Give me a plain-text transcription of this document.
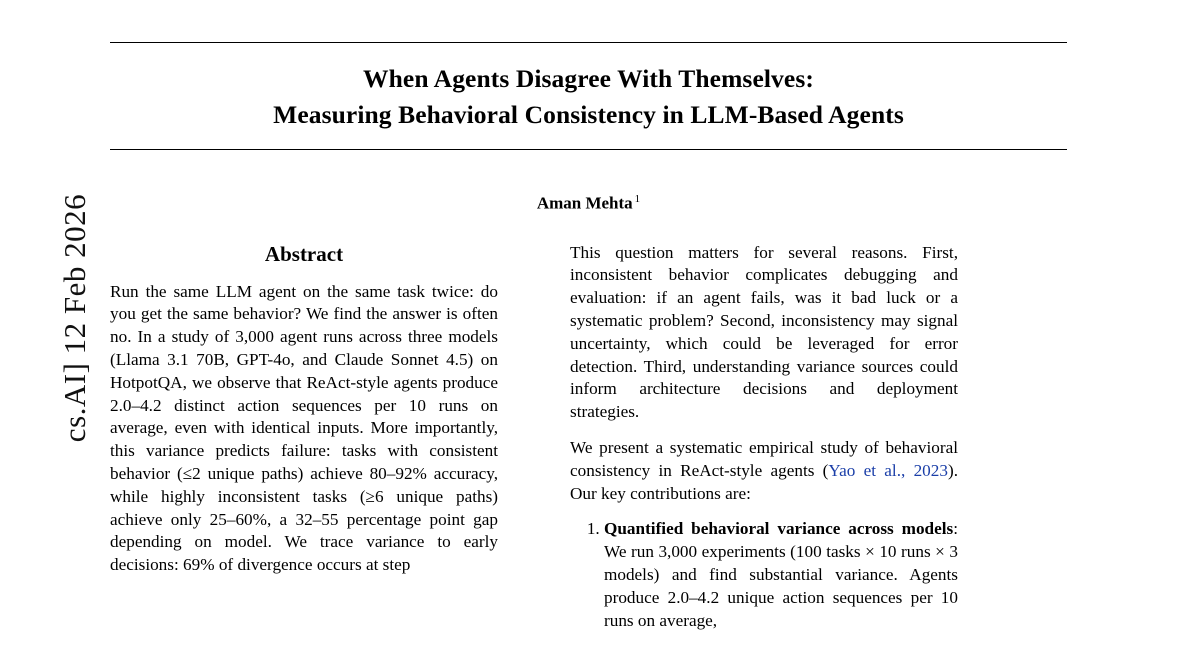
cs.AI] 12 Feb 2026
When Agents Disagree With Themselves:
Measuring Behavioral Consistency in LLM-Based Agents
Aman Mehta $^1$
Abstract

Run the same LLM agent on the same task twice: do you get the same behavior? We find the answer is often no. In a study of 3,000 agent runs across three models (Llama 3.1 70B, GPT-4o, and Claude Sonnet 4.5) on HotpotQA, we observe that ReAct-style agents produce 2.0–4.2 distinct action sequences per 10 runs on average, even with identical inputs. More importantly, this variance predicts failure: tasks with consistent behavior (≤2 unique paths) achieve 80–92% accuracy, while highly inconsistent tasks (≥6 unique paths) achieve only 25–60%, a 32–55 percentage point gap depending on model. We trace variance to early decisions: 69% of divergence occurs at step

This question matters for several reasons. First, inconsistent behavior complicates debugging and evaluation: if an agent fails, was it bad luck or a systematic problem? Second, inconsistency may signal uncertainty, which could be leveraged for error detection. Third, understanding variance sources could inform architecture decisions and deployment strategies.

We present a systematic empirical study of behavioral consistency in ReAct-style agents (Yao et al., 2023). Our key contributions are:

1. Quantified behavioral variance across models: We run 3,000 experiments (100 tasks × 10 runs × 3 models) and find substantial variance. Agents produce 2.0–4.2 unique action sequences per 10 runs on average,
